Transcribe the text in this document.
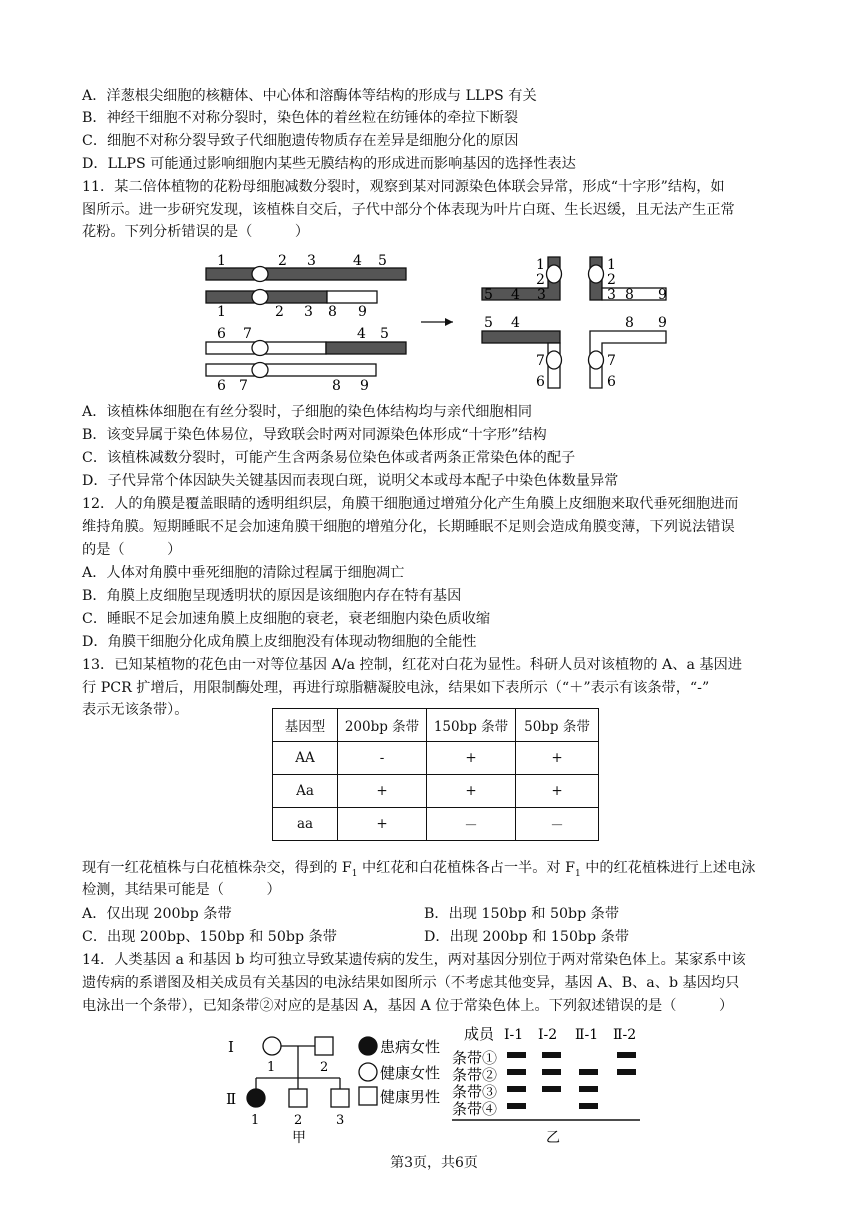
A．洋葱根尖细胞的核糖体、中心体和溶酶体等结构的形成与 LLPS 有关
B．神经干细胞不对称分裂时，染色体的着丝粒在纺锤体的牵拉下断裂
C．细胞不对称分裂导致子代细胞遗传物质存在差异是细胞分化的原因
D．LLPS 可能通过影响细胞内某些无膜结构的形成进而影响基因的选择性表达
11．某二倍体植物的花粉母细胞减数分裂时，观察到某对同源染色体联会异常，形成“十字形”结构，如
图所示。进一步研究发现，该植株自交后，子代中部分个体表现为叶片白斑、生长迟缓，且无法产生正常
花粉。下列分析错误的是（　　　）
1	2 3	4 5
1	2 3 8 9
6 7	4 5
6 7	8 9
1
2
3
5 4
1
2
3 8 9
5 4
7
6
8 9
7
6
A．该植株体细胞在有丝分裂时，子细胞的染色体结构均与亲代细胞相同
B．该变异属于染色体易位，导致联会时两对同源染色体形成“十字形”结构
C．该植株减数分裂时，可能产生含两条易位染色体或者两条正常染色体的配子
D．子代异常个体因缺失关键基因而表现白斑，说明父本或母本配子中染色体数量异常
12．人的角膜是覆盖眼睛的透明组织层，角膜干细胞通过增殖分化产生角膜上皮细胞来取代垂死细胞进而
维持角膜。短期睡眠不足会加速角膜干细胞的增殖分化，长期睡眠不足则会造成角膜变薄，下列说法错误
的是（　　　）
A．人体对角膜中垂死细胞的清除过程属于细胞凋亡
B．角膜上皮细胞呈现透明状的原因是该细胞内存在特有基因
C．睡眠不足会加速角膜上皮细胞的衰老，衰老细胞内染色质收缩
D．角膜干细胞分化成角膜上皮细胞没有体现动物细胞的全能性
13．已知某植物的花色由一对等位基因 A/a 控制，红花对白花为显性。科研人员对该植物的 A、a 基因进
行 PCR 扩增后，用限制酶处理，再进行琼脂糖凝胶电泳，结果如下表所示（“＋”表示有该条带，“-”
表示无该条带）。
基因型	200bp 条带	150bp 条带	50bp 条带
AA	-	+	+
Aa	+	+	+
aa	+	－	－
现有一红花植株与白花植株杂交，得到的 $F_1$ 中红花和白花植株各占一半。对 $F_1$ 中的红花植株进行上述电泳
检测，其结果可能是（　　　）
A．仅出现 200bp 条带	B．出现 150bp 和 50bp 条带
C．出现 200bp、150bp 和 50bp 条带	D．出现 200bp 和 150bp 条带
14．人类基因 a 和基因 b 均可独立导致某遗传病的发生，两对基因分别位于两对常染色体上。某家系中该
遗传病的系谱图及相关成员有关基因的电泳结果如图所示（不考虑其他变异，基因 A、B、a、b 基因均只
电泳出一个条带），已知条带②对应的是基因 A，基因 A 位于常染色体上。下列叙述错误的是（　　　）
Ⅰ
Ⅱ
1	2
1	2	3
甲
患病女性
健康女性
健康男性
成员 Ⅰ-1 Ⅰ-2 Ⅱ-1 Ⅱ-2
条带①
条带②
条带③
条带④
乙
第3页，共6页
